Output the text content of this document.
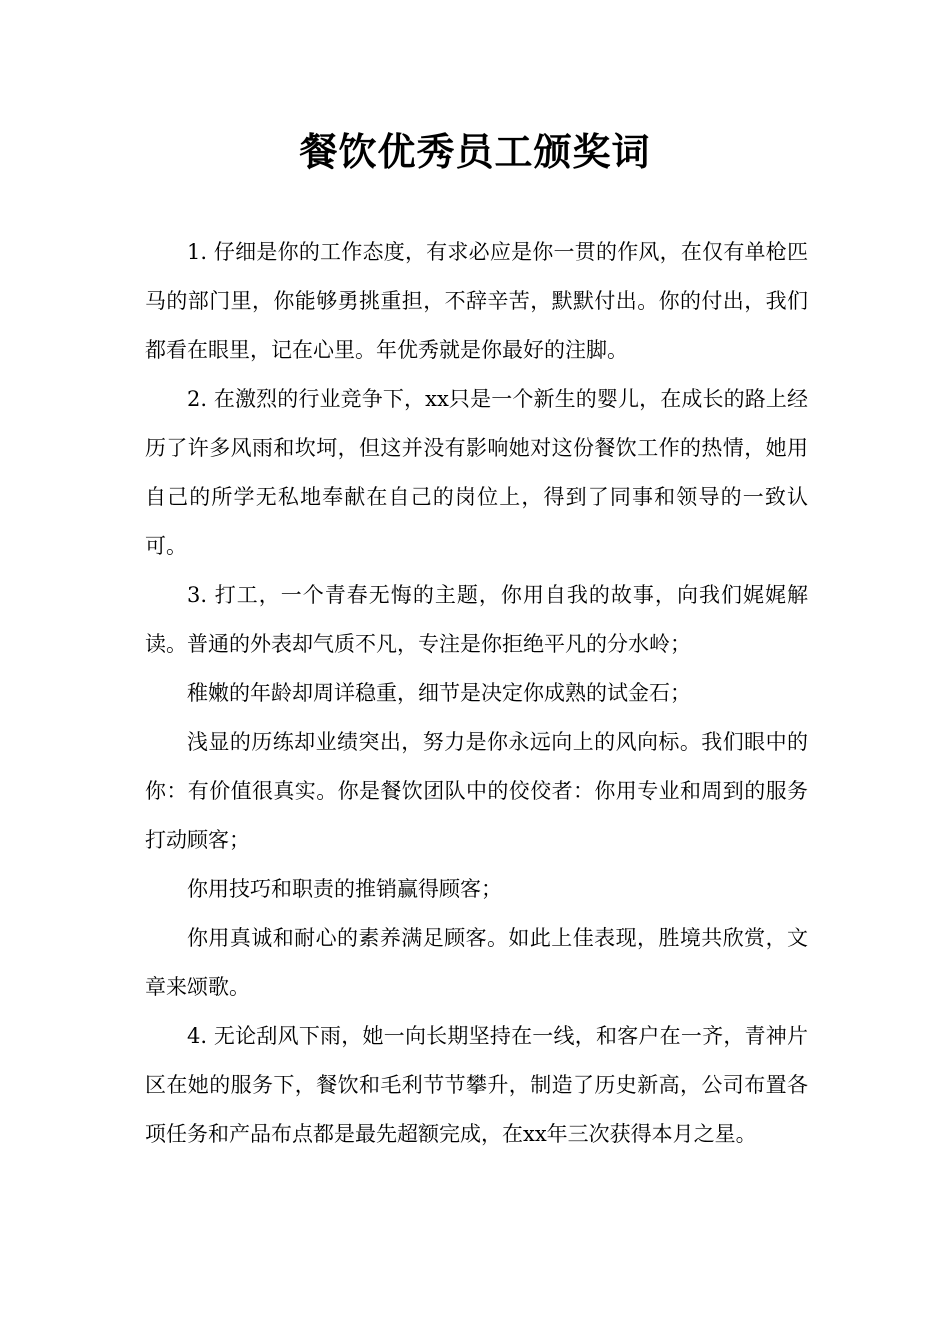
餐饮优秀员工颁奖词

1. 仔细是你的工作态度，有求必应是你一贯的作风，在仅有单枪匹马的部门里，你能够勇挑重担，不辞辛苦，默默付出。你的付出，我们都看在眼里，记在心里。年优秀就是你最好的注脚。

2. 在激烈的行业竞争下，xx只是一个新生的婴儿，在成长的路上经历了许多风雨和坎坷，但这并没有影响她对这份餐饮工作的热情，她用自己的所学无私地奉献在自己的岗位上，得到了同事和领导的一致认可。

3. 打工，一个青春无悔的主题，你用自我的故事，向我们娓娓解读。普通的外表却气质不凡，专注是你拒绝平凡的分水岭；

稚嫩的年龄却周详稳重，细节是决定你成熟的试金石；

浅显的历练却业绩突出，努力是你永远向上的风向标。我们眼中的你：有价值很真实。你是餐饮团队中的佼佼者：你用专业和周到的服务打动顾客；

你用技巧和职责的推销赢得顾客；

你用真诚和耐心的素养满足顾客。如此上佳表现，胜境共欣赏，文章来颂歌。

4. 无论刮风下雨，她一向长期坚持在一线，和客户在一齐，青神片区在她的服务下，餐饮和毛利节节攀升，制造了历史新高，公司布置各项任务和产品布点都是最先超额完成，在xx年三次获得本月之星。
